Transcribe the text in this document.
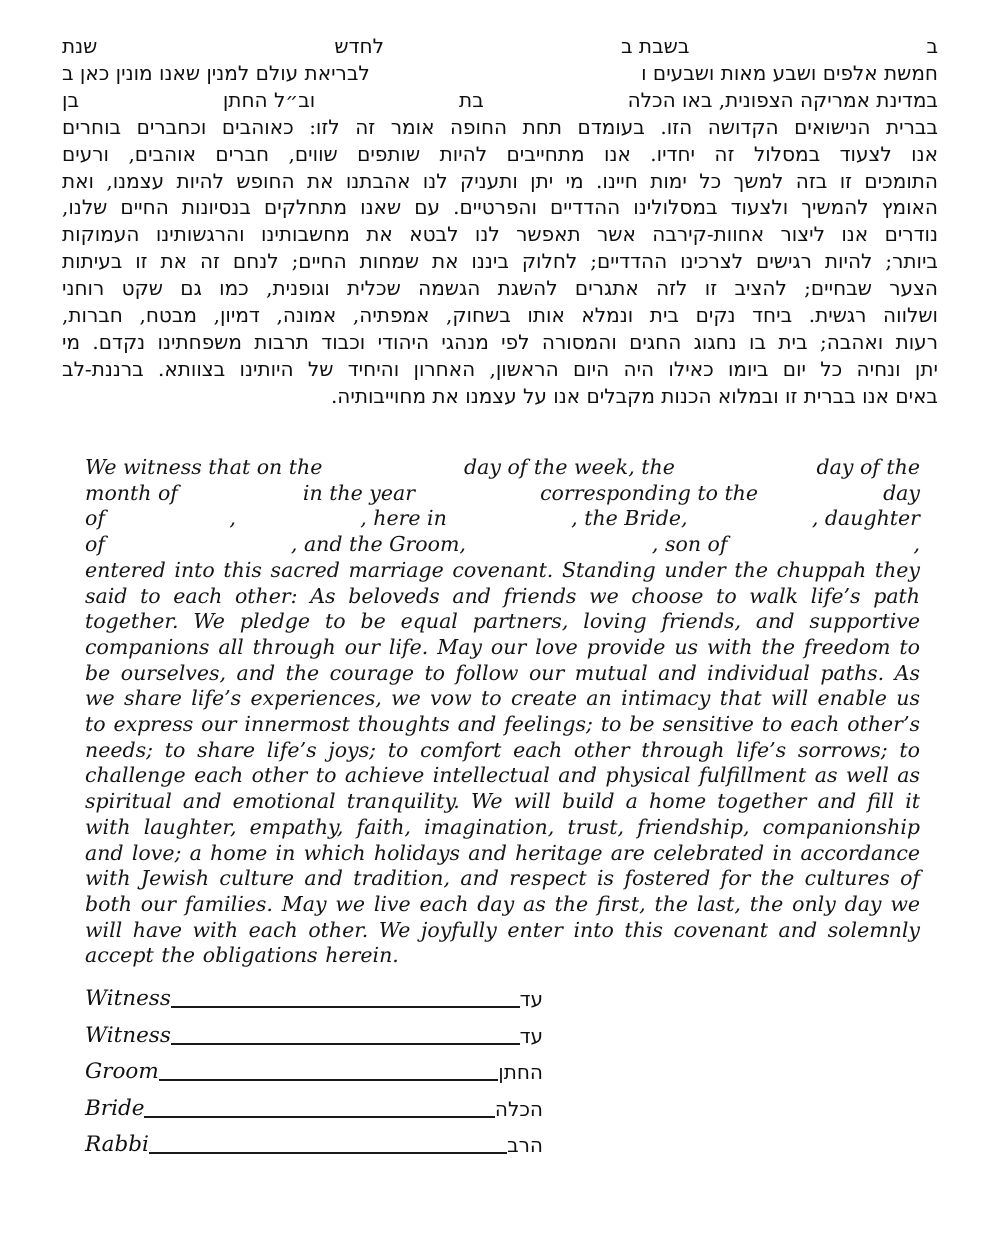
ב
בשבת ב
לחדש
שנת
חמשת אלפים ושבע מאות ושבעים ו
לבריאת עולם למנין שאנו מונין כאן ב
במדינת אמריקה הצפונית, באו הכלה
בת
וב״ל החתן
בן
בברית הנישואים הקדושה הזו. בעומדם תחת החופה אומר זה לזו: כאוהבים וכחברים בוחרים
אנו לצעוד במסלול זה יחדיו. אנו מתחייבים להיות שותפים שווים, חברים אוהבים, ורעים
התומכים זו בזה למשך כל ימות חיינו. מי יתן ותעניק לנו אהבתנו את החופש להיות עצמנו, ואת
האומץ להמשיך ולצעוד במסלולינו ההדדיים והפרטיים. עם שאנו מתחלקים בנסיונות החיים שלנו,
נודרים אנו ליצור אחוות-קירבה אשר תאפשר לנו לבטא את מחשבותינו והרגשותינו העמוקות
ביותר; להיות רגישים לצרכינו ההדדיים; לחלוק ביננו את שמחות החיים; לנחם זה את זו בעיתות
הצער שבחיים; להציב זו לזה אתגרים להשגת הגשמה שכלית וגופנית, כמו גם שקט רוחני
ושלווה רגשית. ביחד נקים בית ונמלא אותו בשחוק, אמפתיה, אמונה, דמיון, מבטח, חברות,
רעות ואהבה; בית בו נחגוג החגים והמסורה לפי מנהגי היהודי וכבוד תרבות משפחתינו נקדם. מי
יתן ונחיה כל יום ביומו כאילו היה היום הראשון, האחרון והיחיד של היותינו בצוותא. ברננת-לב
באים אנו בברית זו ובמלוא הכנות מקבלים אנו על עצמנו את מחוייבותיה.
We witness that on the	day of the week, the	day of the
month of	in the year	corresponding to the	day
of	,	, here in	, the Bride,	, daughter
of	, and the Groom,	, son of	,
entered into this sacred marriage covenant. Standing under the chuppah they said to each other: As beloveds and friends we choose to walk life’s path together. We pledge to be equal partners, loving friends, and supportive companions all through our life. May our love provide us with the freedom to be ourselves, and the courage to follow our mutual and individual paths. As we share life’s experiences, we vow to create an intimacy that will enable us to express our innermost thoughts and feelings; to be sensitive to each other’s needs; to share life’s joys; to comfort each other through life’s sorrows; to challenge each other to achieve intellectual and physical fulfillment as well as spiritual and emotional tranquility. We will build a home together and fill it with laughter, empathy, faith, imagination, trust, friendship, companionship and love; a home in which holidays and heritage are celebrated in accordance with Jewish culture and tradition, and respect is fostered for the cultures of both our families. May we live each day as the first, the last, the only day we will have with each other. We joyfully enter into this covenant and solemnly accept the obligations herein.
Witness	עד
Witness	עד
Groom	החתן
Bride	הכלה
Rabbi	הרב
